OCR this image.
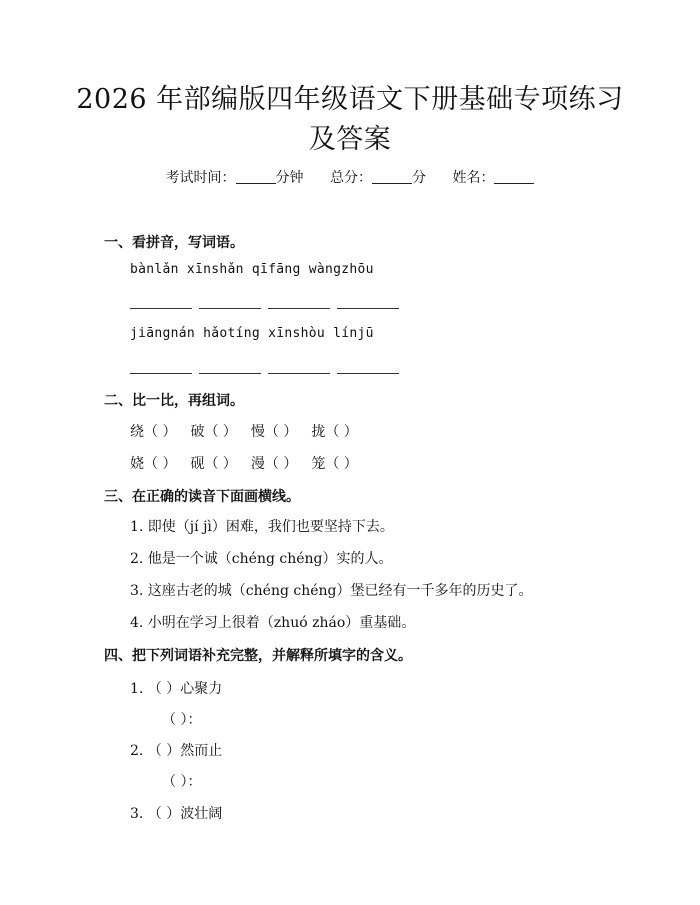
2026 年部编版四年级语文下册基础专项练习
及答案
考试时间：	分钟 总分：	分 姓名：
一、看拼音，写词语。
bànlǎn xīnshǎn qīfāng wàngzhōu
jiāngnán hǎotíng xīnshòu línjū
二、比一比，再组词。
绕（ ） 破（ ） 慢（ ） 拢（ ）
娆（ ） 砚（ ） 漫（ ） 笼（ ）
三、在正确的读音下面画横线。
1. 即使（jí jì）困难，我们也要坚持下去。
2. 他是一个诚（chéng chéng）实的人。
3. 这座古老的城（chéng chéng）堡已经有一千多年的历史了。
4. 小明在学习上很着（zhuó zháo）重基础。
四、把下列词语补充完整，并解释所填字的含义。
1. （ ）心聚力
（ ）：
2. （ ）然而止
（ ）：
3. （ ）波壮阔
